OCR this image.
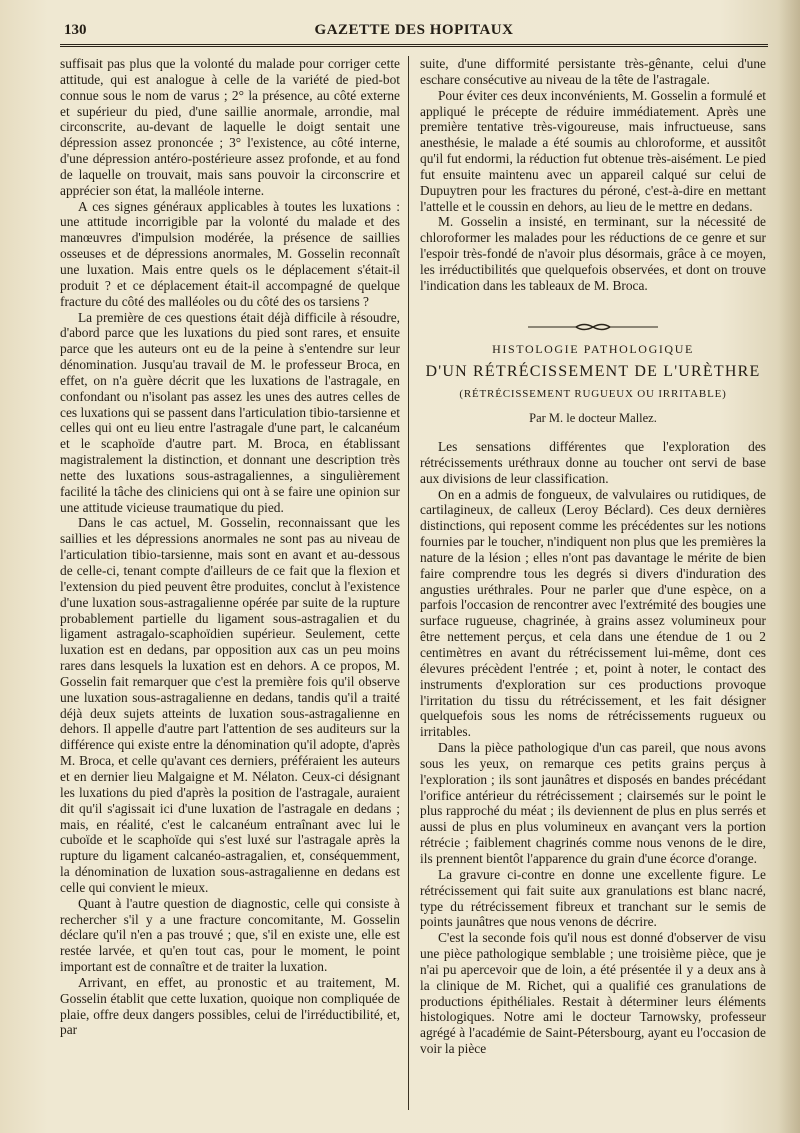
130	GAZETTE DES HOPITAUX

suffisait pas plus que la volonté du malade pour corriger cette attitude, qui est analogue à celle de la variété de pied-bot connue sous le nom de varus ; 2° la présence, au côté externe et supérieur du pied, d'une saillie anormale, arrondie, mal circonscrite, au-devant de laquelle le doigt sentait une dépression assez prononcée ; 3° l'existence, au côté interne, d'une dépression antéro-postérieure assez profonde, et au fond de laquelle on trouvait, mais sans pouvoir la circonscrire et apprécier son état, la malléole interne.

A ces signes généraux applicables à toutes les luxations : une attitude incorrigible par la volonté du malade et des manœuvres d'impulsion modérée, la présence de saillies osseuses et de dépressions anormales, M. Gosselin reconnaît une luxation. Mais entre quels os le déplacement s'était-il produit ? et ce déplacement était-il accompagné de quelque fracture du côté des malléoles ou du côté des os tarsiens ?

La première de ces questions était déjà difficile à résoudre, d'abord parce que les luxations du pied sont rares, et ensuite parce que les auteurs ont eu de la peine à s'entendre sur leur dénomination. Jusqu'au travail de M. le professeur Broca, en effet, on n'a guère décrit que les luxations de l'astragale, en confondant ou n'isolant pas assez les unes des autres celles de ces luxations qui se passent dans l'articulation tibio-tarsienne et celles qui ont eu lieu entre l'astragale d'une part, le calcanéum et le scaphoïde d'autre part. M. Broca, en établissant magistralement la distinction, et donnant une description très nette des luxations sous-astragaliennes, a singulièrement facilité la tâche des cliniciens qui ont à se faire une opinion sur une attitude vicieuse traumatique du pied.

Dans le cas actuel, M. Gosselin, reconnaissant que les saillies et les dépressions anormales ne sont pas au niveau de l'articulation tibio-tarsienne, mais sont en avant et au-dessous de celle-ci, tenant compte d'ailleurs de ce fait que la flexion et l'extension du pied peuvent être produites, conclut à l'existence d'une luxation sous-astragalienne opérée par suite de la rupture probablement partielle du ligament sous-astragalien et du ligament astragalo-scaphoïdien supérieur. Seulement, cette luxation est en dedans, par opposition aux cas un peu moins rares dans lesquels la luxation est en dehors. A ce propos, M. Gosselin fait remarquer que c'est la première fois qu'il observe une luxation sous-astragalienne en dedans, tandis qu'il a traité déjà deux sujets atteints de luxation sous-astragalienne en dehors. Il appelle d'autre part l'attention de ses auditeurs sur la différence qui existe entre la dénomination qu'il adopte, d'après M. Broca, et celle qu'avant ces derniers, préféraient les auteurs et en dernier lieu Malgaigne et M. Nélaton. Ceux-ci désignant les luxations du pied d'après la position de l'astragale, auraient dit qu'il s'agissait ici d'une luxation de l'astragale en dedans ; mais, en réalité, c'est le calcanéum entraînant avec lui le cuboïde et le scaphoïde qui s'est luxé sur l'astragale après la rupture du ligament calcanéo-astragalien, et, conséquemment, la dénomination de luxation sous-astragalienne en dedans est celle qui convient le mieux.

Quant à l'autre question de diagnostic, celle qui consiste à rechercher s'il y a une fracture concomitante, M. Gosselin déclare qu'il n'en a pas trouvé ; que, s'il en existe une, elle est restée larvée, et qu'en tout cas, pour le moment, le point important est de connaître et de traiter la luxation.

Arrivant, en effet, au pronostic et au traitement, M. Gosselin établit que cette luxation, quoique non compliquée de plaie, offre deux dangers possibles, celui de l'irréductibilité, et, par

suite, d'une difformité persistante très-gênante, celui d'une eschare consécutive au niveau de la tête de l'astragale.

Pour éviter ces deux inconvénients, M. Gosselin a formulé et appliqué le précepte de réduire immédiatement. Après une première tentative très-vigoureuse, mais infructueuse, sans anesthésie, le malade a été soumis au chloroforme, et aussitôt qu'il fut endormi, la réduction fut obtenue très-aisément. Le pied fut ensuite maintenu avec un appareil calqué sur celui de Dupuytren pour les fractures du péroné, c'est-à-dire en mettant l'attelle et le coussin en dehors, au lieu de le mettre en dedans.

M. Gosselin a insisté, en terminant, sur la nécessité de chloroformer les malades pour les réductions de ce genre et sur l'espoir très-fondé de n'avoir plus désormais, grâce à ce moyen, les irréductibilités que quelquefois observées, et dont on trouve l'indication dans les tableaux de M. Broca.

HISTOLOGIE PATHOLOGIQUE
D'UN RÉTRÉCISSEMENT DE L'URÈTHRE
(RÉTRÉCISSEMENT RUGUEUX OU IRRITABLE)
Par M. le docteur Mallez.

Les sensations différentes que l'exploration des rétrécissements uréthraux donne au toucher ont servi de base aux divisions de leur classification.

On en a admis de fongueux, de valvulaires ou rutidiques, de cartilagineux, de calleux (Leroy Béclard). Ces deux dernières distinctions, qui reposent comme les précédentes sur les notions fournies par le toucher, n'indiquent non plus que les premières la nature de la lésion ; elles n'ont pas davantage le mérite de bien faire comprendre tous les degrés si divers d'induration des angusties uréthrales. Pour ne parler que d'une espèce, on a parfois l'occasion de rencontrer avec l'extrémité des bougies une surface rugueuse, chagrinée, à grains assez volumineux pour être nettement perçus, et cela dans une étendue de 1 ou 2 centimètres en avant du rétrécissement lui-même, dont ces élevures précèdent l'entrée ; et, point à noter, le contact des instruments d'exploration sur ces productions provoque l'irritation du tissu du rétrécissement, et les fait désigner quelquefois sous les noms de rétrécissements rugueux ou irritables.

Dans la pièce pathologique d'un cas pareil, que nous avons sous les yeux, on remarque ces petits grains perçus à l'exploration ; ils sont jaunâtres et disposés en bandes précédant l'orifice antérieur du rétrécissement ; clairsemés sur le point le plus rapproché du méat ; ils deviennent de plus en plus serrés et aussi de plus en plus volumineux en avançant vers la portion rétrécie ; faiblement chagrinés comme nous venons de le dire, ils prennent bientôt l'apparence du grain d'une écorce d'orange.

La gravure ci-contre en donne une excellente figure. Le rétrécissement qui fait suite aux granulations est blanc nacré, type du rétrécissement fibreux et tranchant sur le semis de points jaunâtres que nous venons de décrire.

C'est la seconde fois qu'il nous est donné d'observer de visu une pièce pathologique semblable ; une troisième pièce, que je n'ai pu apercevoir que de loin, a été présentée il y a deux ans à la clinique de M. Richet, qui a qualifié ces granulations de productions épithéliales. Restait à déterminer leurs éléments histologiques. Notre ami le docteur Tarnowsky, professeur agrégé à l'académie de Saint-Pétersbourg, ayant eu l'occasion de voir la pièce
